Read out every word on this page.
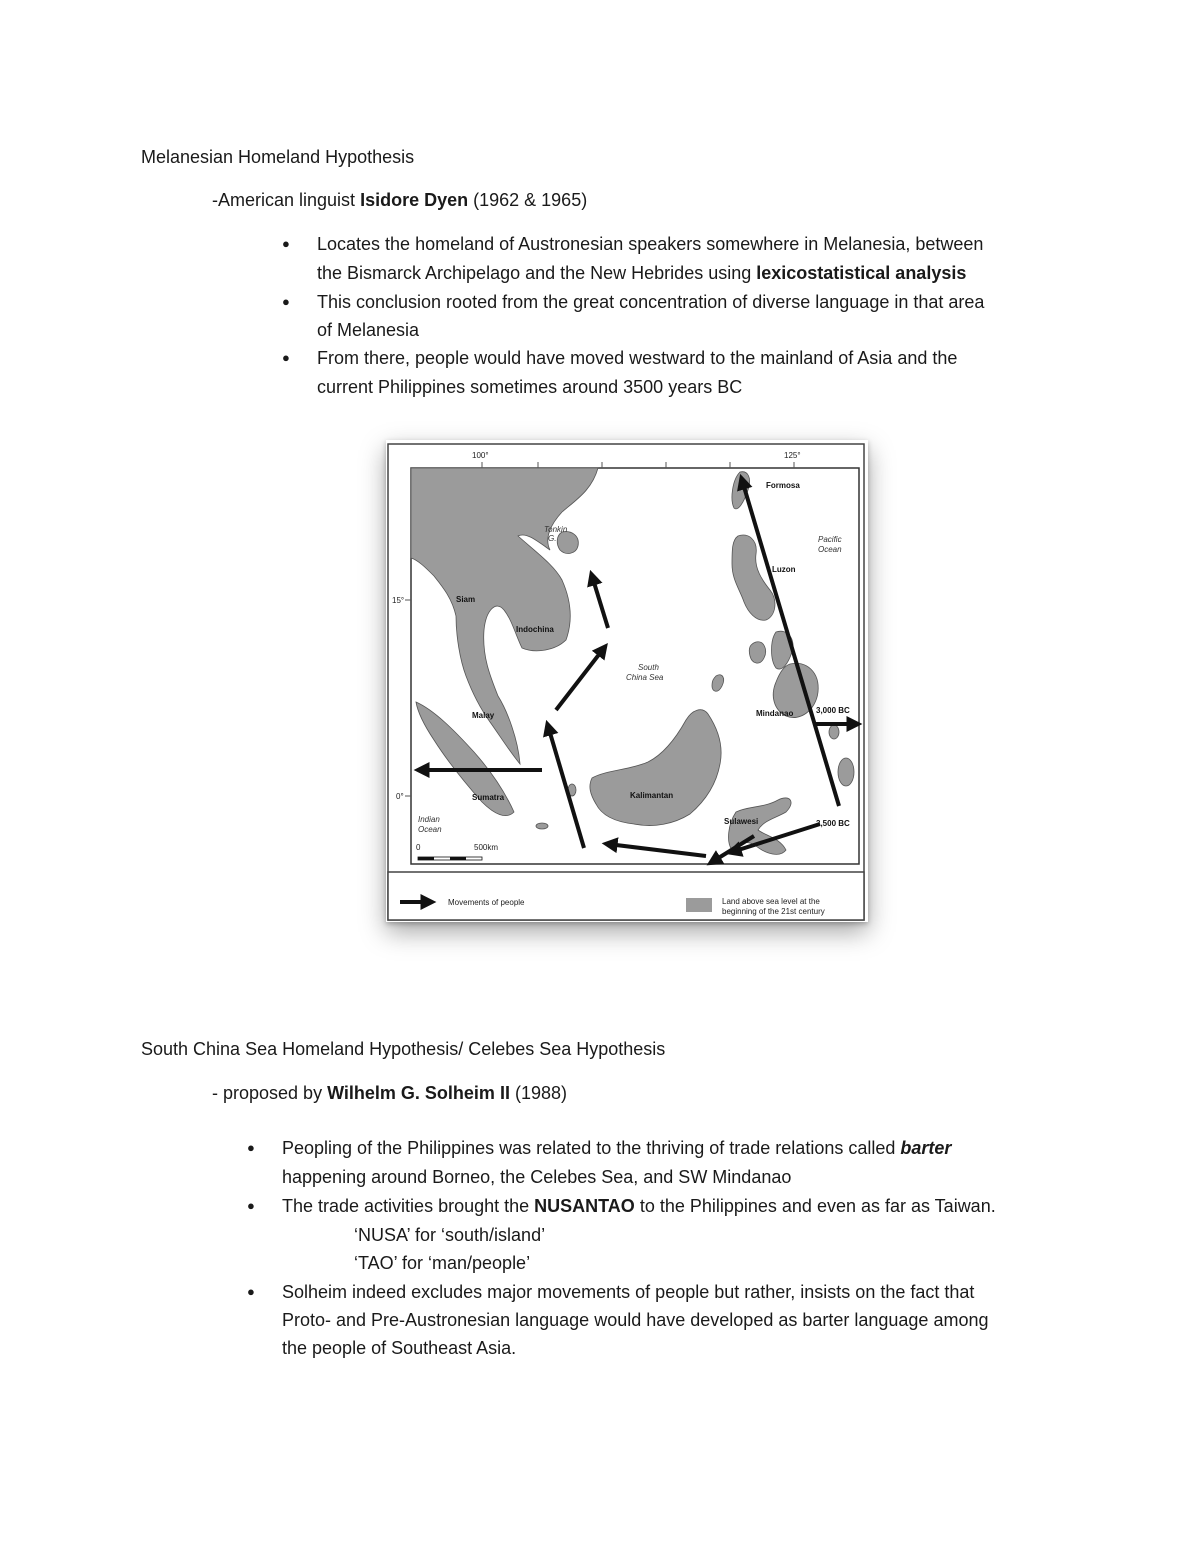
Melanesian Homeland Hypothesis
-American linguist Isidore Dyen (1962 & 1965)
● Locates the homeland of Austronesian speakers somewhere in Melanesia, between
the Bismarck Archipelago and the New Hebrides using lexicostatistical analysis
● This conclusion rooted from the great concentration of diverse language in that area
of Melanesia
● From there, people would have moved westward to the mainland of Asia and the
current Philippines sometimes around 3500 years BC
100°	125°
15°
0°
Formosa
Pacific
Ocean
Luzon
Siam
Indochina
Tonkin
G.
South
China Sea
Malay	Mindanao	3,000 BC
3,500 BC
Sumatra	Kalimantan
Sulawesi
Indian
Ocean
0	500km
Movements of people	Land above sea level at the
beginning of the 21st century
South China Sea Homeland Hypothesis/ Celebes Sea Hypothesis
- proposed by Wilhelm G. Solheim II (1988)
● Peopling of the Philippines was related to the thriving of trade relations called barter
happening around Borneo, the Celebes Sea, and SW Mindanao
● The trade activities brought the NUSANTAO to the Philippines and even as far as Taiwan.
‘NUSA’ for ‘south/island’
‘TAO’ for ‘man/people’
● Solheim indeed excludes major movements of people but rather, insists on the fact that
Proto- and Pre-Austronesian language would have developed as barter language among
the people of Southeast Asia.
